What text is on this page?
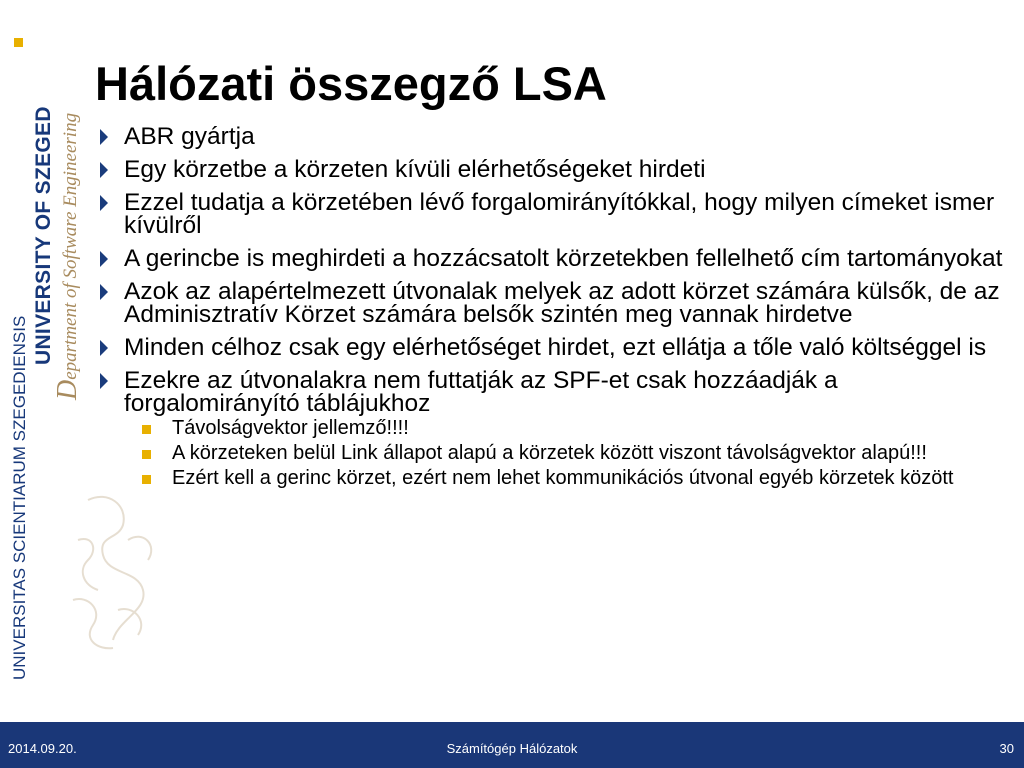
UNIVERSITAS SCIENTIARUM SZEGEDIENSIS
UNIVERSITY OF SZEGED
Department of Software Engineering
Hálózati összegző LSA
ABR gyártja
Egy körzetbe a körzeten kívüli elérhetőségeket hirdeti
Ezzel tudatja a körzetében lévő forgalomirányítókkal, hogy milyen címeket ismer kívülről
A gerincbe is meghirdeti a hozzácsatolt körzetekben fellelhető cím tartományokat
Azok az alapértelmezett útvonalak melyek az adott körzet számára külsők, de az Adminisztratív Körzet számára belsők szintén meg vannak hirdetve
Minden célhoz csak egy elérhetőséget hirdet, ezt ellátja a tőle való költséggel is
Ezekre az útvonalakra nem futtatják az SPF-et csak hozzáadják a forgalomirányító táblájukhoz
Távolságvektor jellemző!!!!
A körzeteken belül Link állapot alapú a körzetek között viszont távolságvektor alapú!!!
Ezért kell a gerinc körzet, ezért nem lehet kommunikációs útvonal egyéb körzetek között
2014.09.20.	Számítógép Hálózatok	30
